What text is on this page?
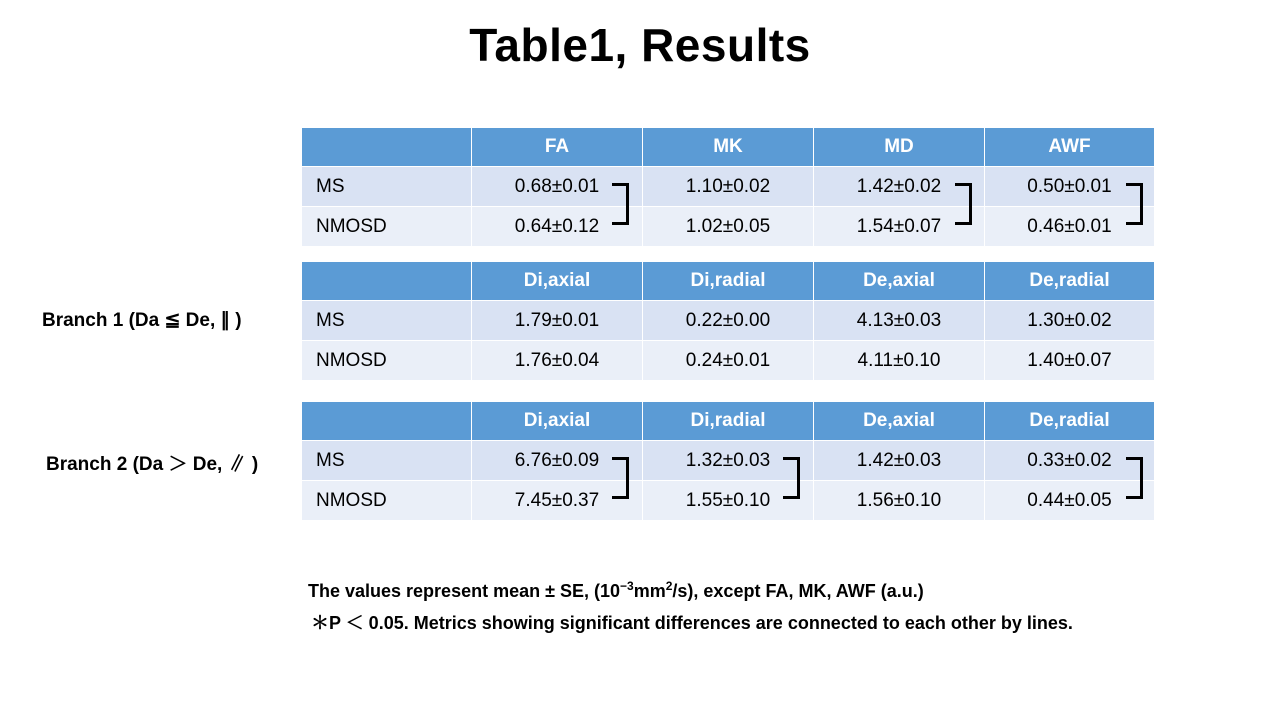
Table1, Results
Branch 1 (Da ≦ De, ∥ )
Branch 2 (Da ＞ De, ∥ )
	FA	MK	MD	AWF
MS	0.68±0.01	1.10±0.02	1.42±0.02	0.50±0.01
NMOSD	0.64±0.12	1.02±0.05	1.54±0.07	0.46±0.01
	Di,axial	Di,radial	De,axial	De,radial
MS	1.79±0.01	0.22±0.00	4.13±0.03	1.30±0.02
NMOSD	1.76±0.04	0.24±0.01	4.11±0.10	1.40±0.07
	Di,axial	Di,radial	De,axial	De,radial
MS	6.76±0.09	1.32±0.03	1.42±0.03	0.33±0.02
NMOSD	7.45±0.37	1.55±0.10	1.56±0.10	0.44±0.05
The values represent mean ± SE, $(10^{-3}mm^2/s)$, except FA, MK, AWF (a.u.)
＊P ＜ 0.05. Metrics showing significant differences are connected to each other by lines.
